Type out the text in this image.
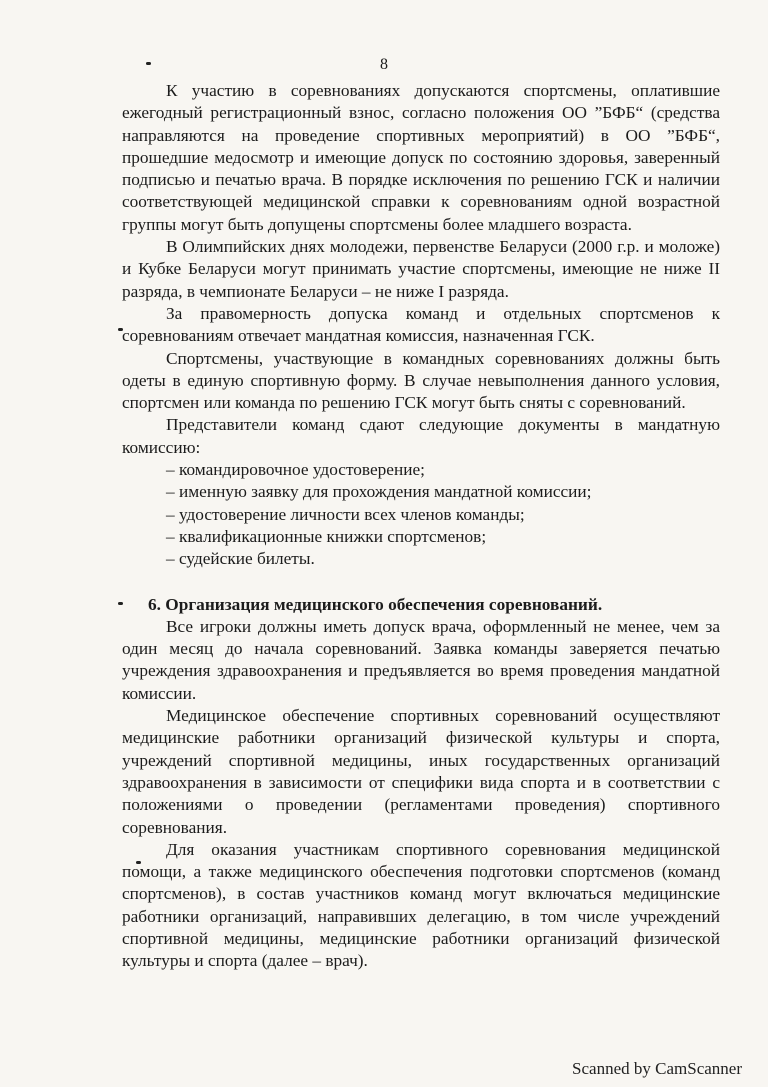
8

К участию в соревнованиях допускаются спортсмены, оплатившие ежегодный регистрационный взнос, согласно положения ОО ”БФБ“ (средства направляются на проведение спортивных мероприятий) в ОО ”БФБ“, прошедшие медосмотр и имеющие допуск по состоянию здоровья, заверенный подписью и печатью врача. В порядке исключения по решению ГСК и наличии соответствующей медицинской справки к соревнованиям одной возрастной группы могут быть допущены спортсмены более младшего возраста.

В Олимпийских днях молодежи, первенстве Беларуси (2000 г.р. и моложе) и Кубке Беларуси могут принимать участие спортсмены, имеющие не ниже II разряда, в чемпионате Беларуси – не ниже I разряда.

За правомерность допуска команд и отдельных спортсменов к соревнованиям отвечает мандатная комиссия, назначенная ГСК.

Спортсмены, участвующие в командных соревнованиях должны быть одеты в единую спортивную форму. В случае невыполнения данного условия, спортсмен или команда по решению ГСК могут быть сняты с соревнований.

Представители команд сдают следующие документы в мандатную комиссию:

– командировочное удостоверение;
– именную заявку для прохождения мандатной комиссии;
– удостоверение личности всех членов команды;
– квалификационные книжки спортсменов;
– судейские билеты.
6. Организация медицинского обеспечения соревнований.

Все игроки должны иметь допуск врача, оформленный не менее, чем за один месяц до начала соревнований. Заявка команды заверяется печатью учреждения здравоохранения и предъявляется во время проведения мандатной комиссии.

Медицинское обеспечение спортивных соревнований осуществляют медицинские работники организаций физической культуры и спорта, учреждений спортивной медицины, иных государственных организаций здравоохранения в зависимости от специфики вида спорта и в соответствии с положениями о проведении (регламентами проведения) спортивного соревнования.

Для оказания участникам спортивного соревнования медицинской помощи, а также медицинского обеспечения подготовки спортсменов (команд спортсменов), в состав участников команд могут включаться медицинские работники организаций, направивших делегацию, в том числе учреждений спортивной медицины, медицинские работники организаций физической культуры и спорта (далее – врач).

Scanned by CamScanner
